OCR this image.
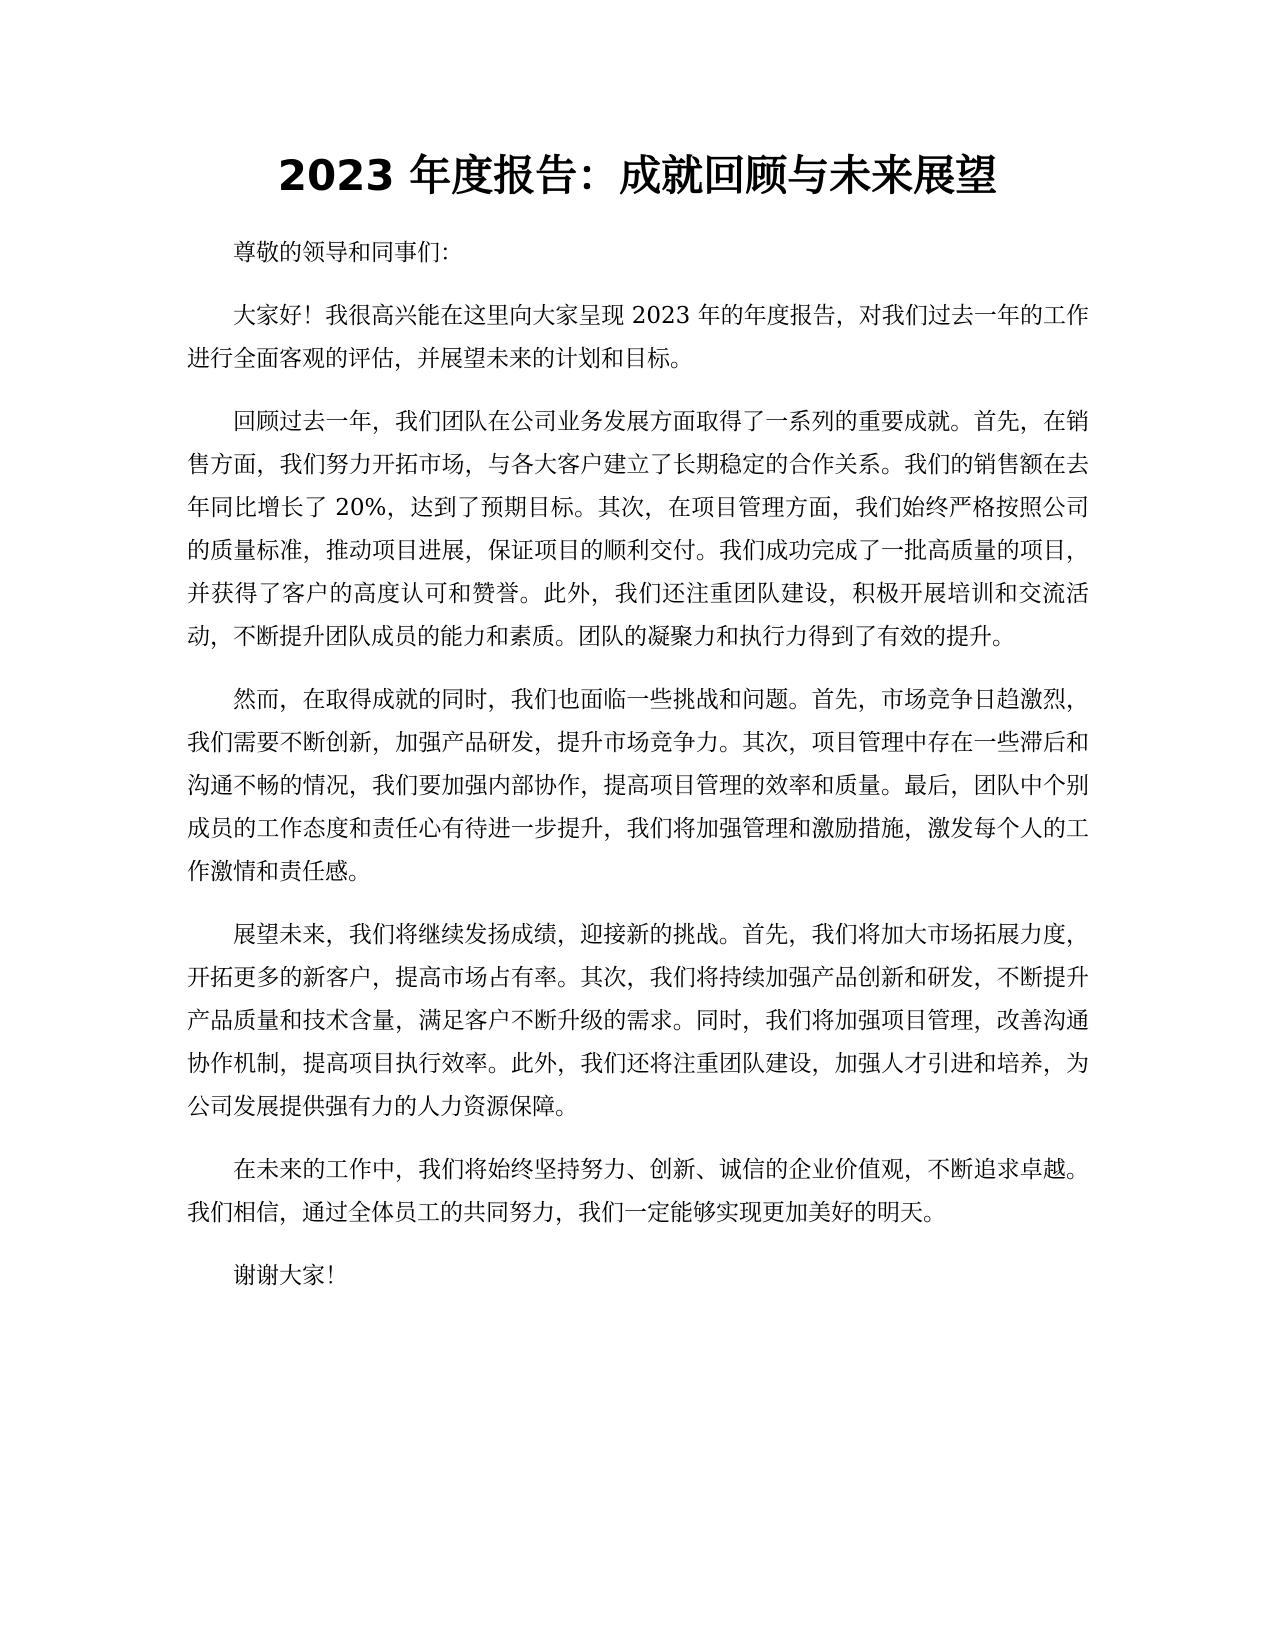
2023 年度报告：成就回顾与未来展望

尊敬的领导和同事们：

大家好！我很高兴能在这里向大家呈现 2023 年的年度报告，对我们过去一年的工作进行全面客观的评估，并展望未来的计划和目标。

回顾过去一年，我们团队在公司业务发展方面取得了一系列的重要成就。首先，在销售方面，我们努力开拓市场，与各大客户建立了长期稳定的合作关系。我们的销售额在去年同比增长了 20%，达到了预期目标。其次，在项目管理方面，我们始终严格按照公司的质量标准，推动项目进展，保证项目的顺利交付。我们成功完成了一批高质量的项目，并获得了客户的高度认可和赞誉。此外，我们还注重团队建设，积极开展培训和交流活动，不断提升团队成员的能力和素质。团队的凝聚力和执行力得到了有效的提升。

然而，在取得成就的同时，我们也面临一些挑战和问题。首先，市场竞争日趋激烈，我们需要不断创新，加强产品研发，提升市场竞争力。其次，项目管理中存在一些滞后和沟通不畅的情况，我们要加强内部协作，提高项目管理的效率和质量。最后，团队中个别成员的工作态度和责任心有待进一步提升，我们将加强管理和激励措施，激发每个人的工作激情和责任感。

展望未来，我们将继续发扬成绩，迎接新的挑战。首先，我们将加大市场拓展力度，开拓更多的新客户，提高市场占有率。其次，我们将持续加强产品创新和研发，不断提升产品质量和技术含量，满足客户不断升级的需求。同时，我们将加强项目管理，改善沟通协作机制，提高项目执行效率。此外，我们还将注重团队建设，加强人才引进和培养，为公司发展提供强有力的人力资源保障。

在未来的工作中，我们将始终坚持努力、创新、诚信的企业价值观，不断追求卓越。我们相信，通过全体员工的共同努力，我们一定能够实现更加美好的明天。

谢谢大家！
